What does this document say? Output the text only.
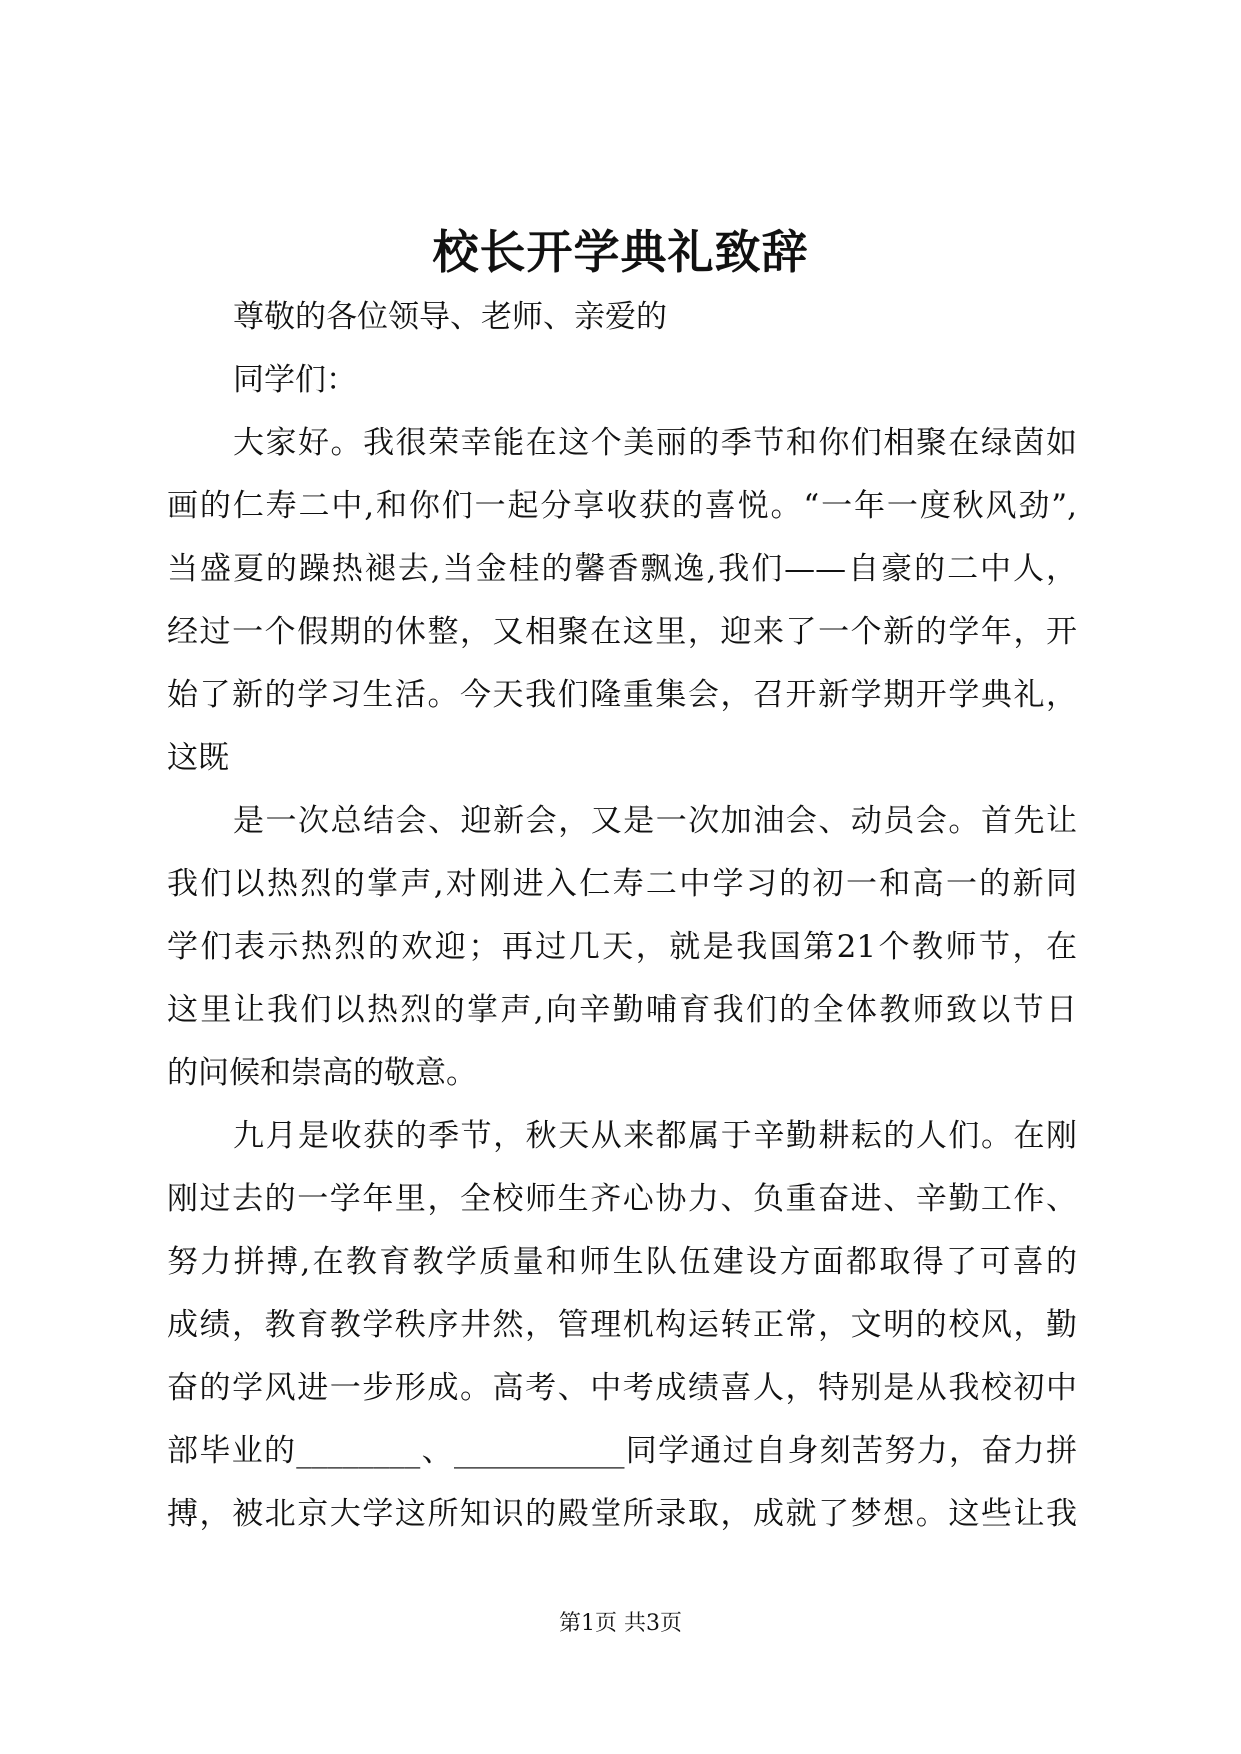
校长开学典礼致辞
尊敬的各位领导、老师、亲爱的
同学们：
大家好。我很荣幸能在这个美丽的季节和你们相聚在绿茵如
画的仁寿二中,和你们一起分享收获的喜悦。“一年一度秋风劲”,
当盛夏的躁热褪去,当金桂的馨香飘逸,我们——自豪的二中人，
经过一个假期的休整，又相聚在这里，迎来了一个新的学年，开
始了新的学习生活。今天我们隆重集会，召开新学期开学典礼，
这既
是一次总结会、迎新会，又是一次加油会、动员会。首先让
我们以热烈的掌声,对刚进入仁寿二中学习的初一和高一的新同
学们表示热烈的欢迎；再过几天，就是我国第21个教师节，在
这里让我们以热烈的掌声,向辛勤哺育我们的全体教师致以节日
的问候和崇高的敬意。
九月是收获的季节，秋天从来都属于辛勤耕耘的人们。在刚
刚过去的一学年里，全校师生齐心协力、负重奋进、辛勤工作、
努力拼搏,在教育教学质量和师生队伍建设方面都取得了可喜的
成绩，教育教学秩序井然，管理机构运转正常，文明的校风，勤
奋的学风进一步形成。高考、中考成绩喜人，特别是从我校初中
部毕业的________、___________同学通过自身刻苦努力，奋力拼
搏，被北京大学这所知识的殿堂所录取，成就了梦想。这些让我
第1页 共3页
